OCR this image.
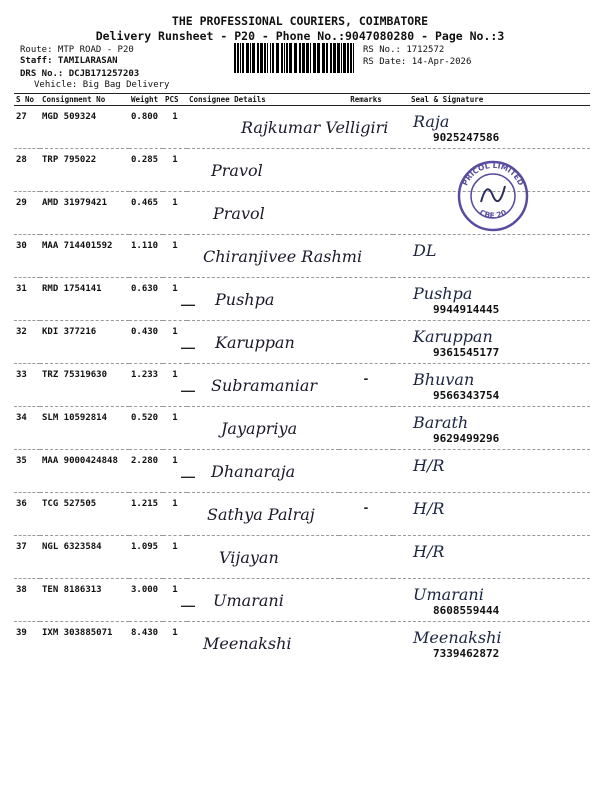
THE PROFESSIONAL COURIERS, COIMBATORE
Delivery Runsheet - P20 - Phone No.:9047080280 - Page No.:3
Route: MTP ROAD - P20
Staff: TAMILARASAN
DRS No.: DCJB171257203
Vehicle: Big Bag Delivery
RS No.: 1712572
RS Date: 14-Apr-2026
S No	Consignment No	Weight	PCS	Consignee Details	Remarks	Seal & Signature
27	MGD 509324	0.800	1	Rajkumar Velligiri		Raja
9025247586

28	TRP 795022	0.285	1	Pravol		

29	AMD 31979421	0.465	1	Pravol		

30	MAA 714401592	1.110	1	Chiranjivee Rashmi		DL

31	RMD 1754141	0.630	1	— Pushpa		Pushpa
9944914445

32	KDI 377216	0.430	1	— Karuppan		Karuppan
9361545177

33	TRZ 75319630	1.233	1	— Subramaniar	-	Bhuvan
9566343754

34	SLM 10592814	0.520	1	Jayapriya		Barath
9629499296

35	MAA 9000424848	2.280	1	— Dhanaraja		H/R

36	TCG 527505	1.215	1	Sathya Palraj	-	H/R

37	NGL 6323584	1.095	1	Vijayan		H/R

38	TEN 8186313	3.000	1	— Umarani		Umarani
8608559444

39	IXM 303885071	8.430	1	Meenakshi		Meenakshi
7339462872
PRICOL LIMITED
CBE 20
